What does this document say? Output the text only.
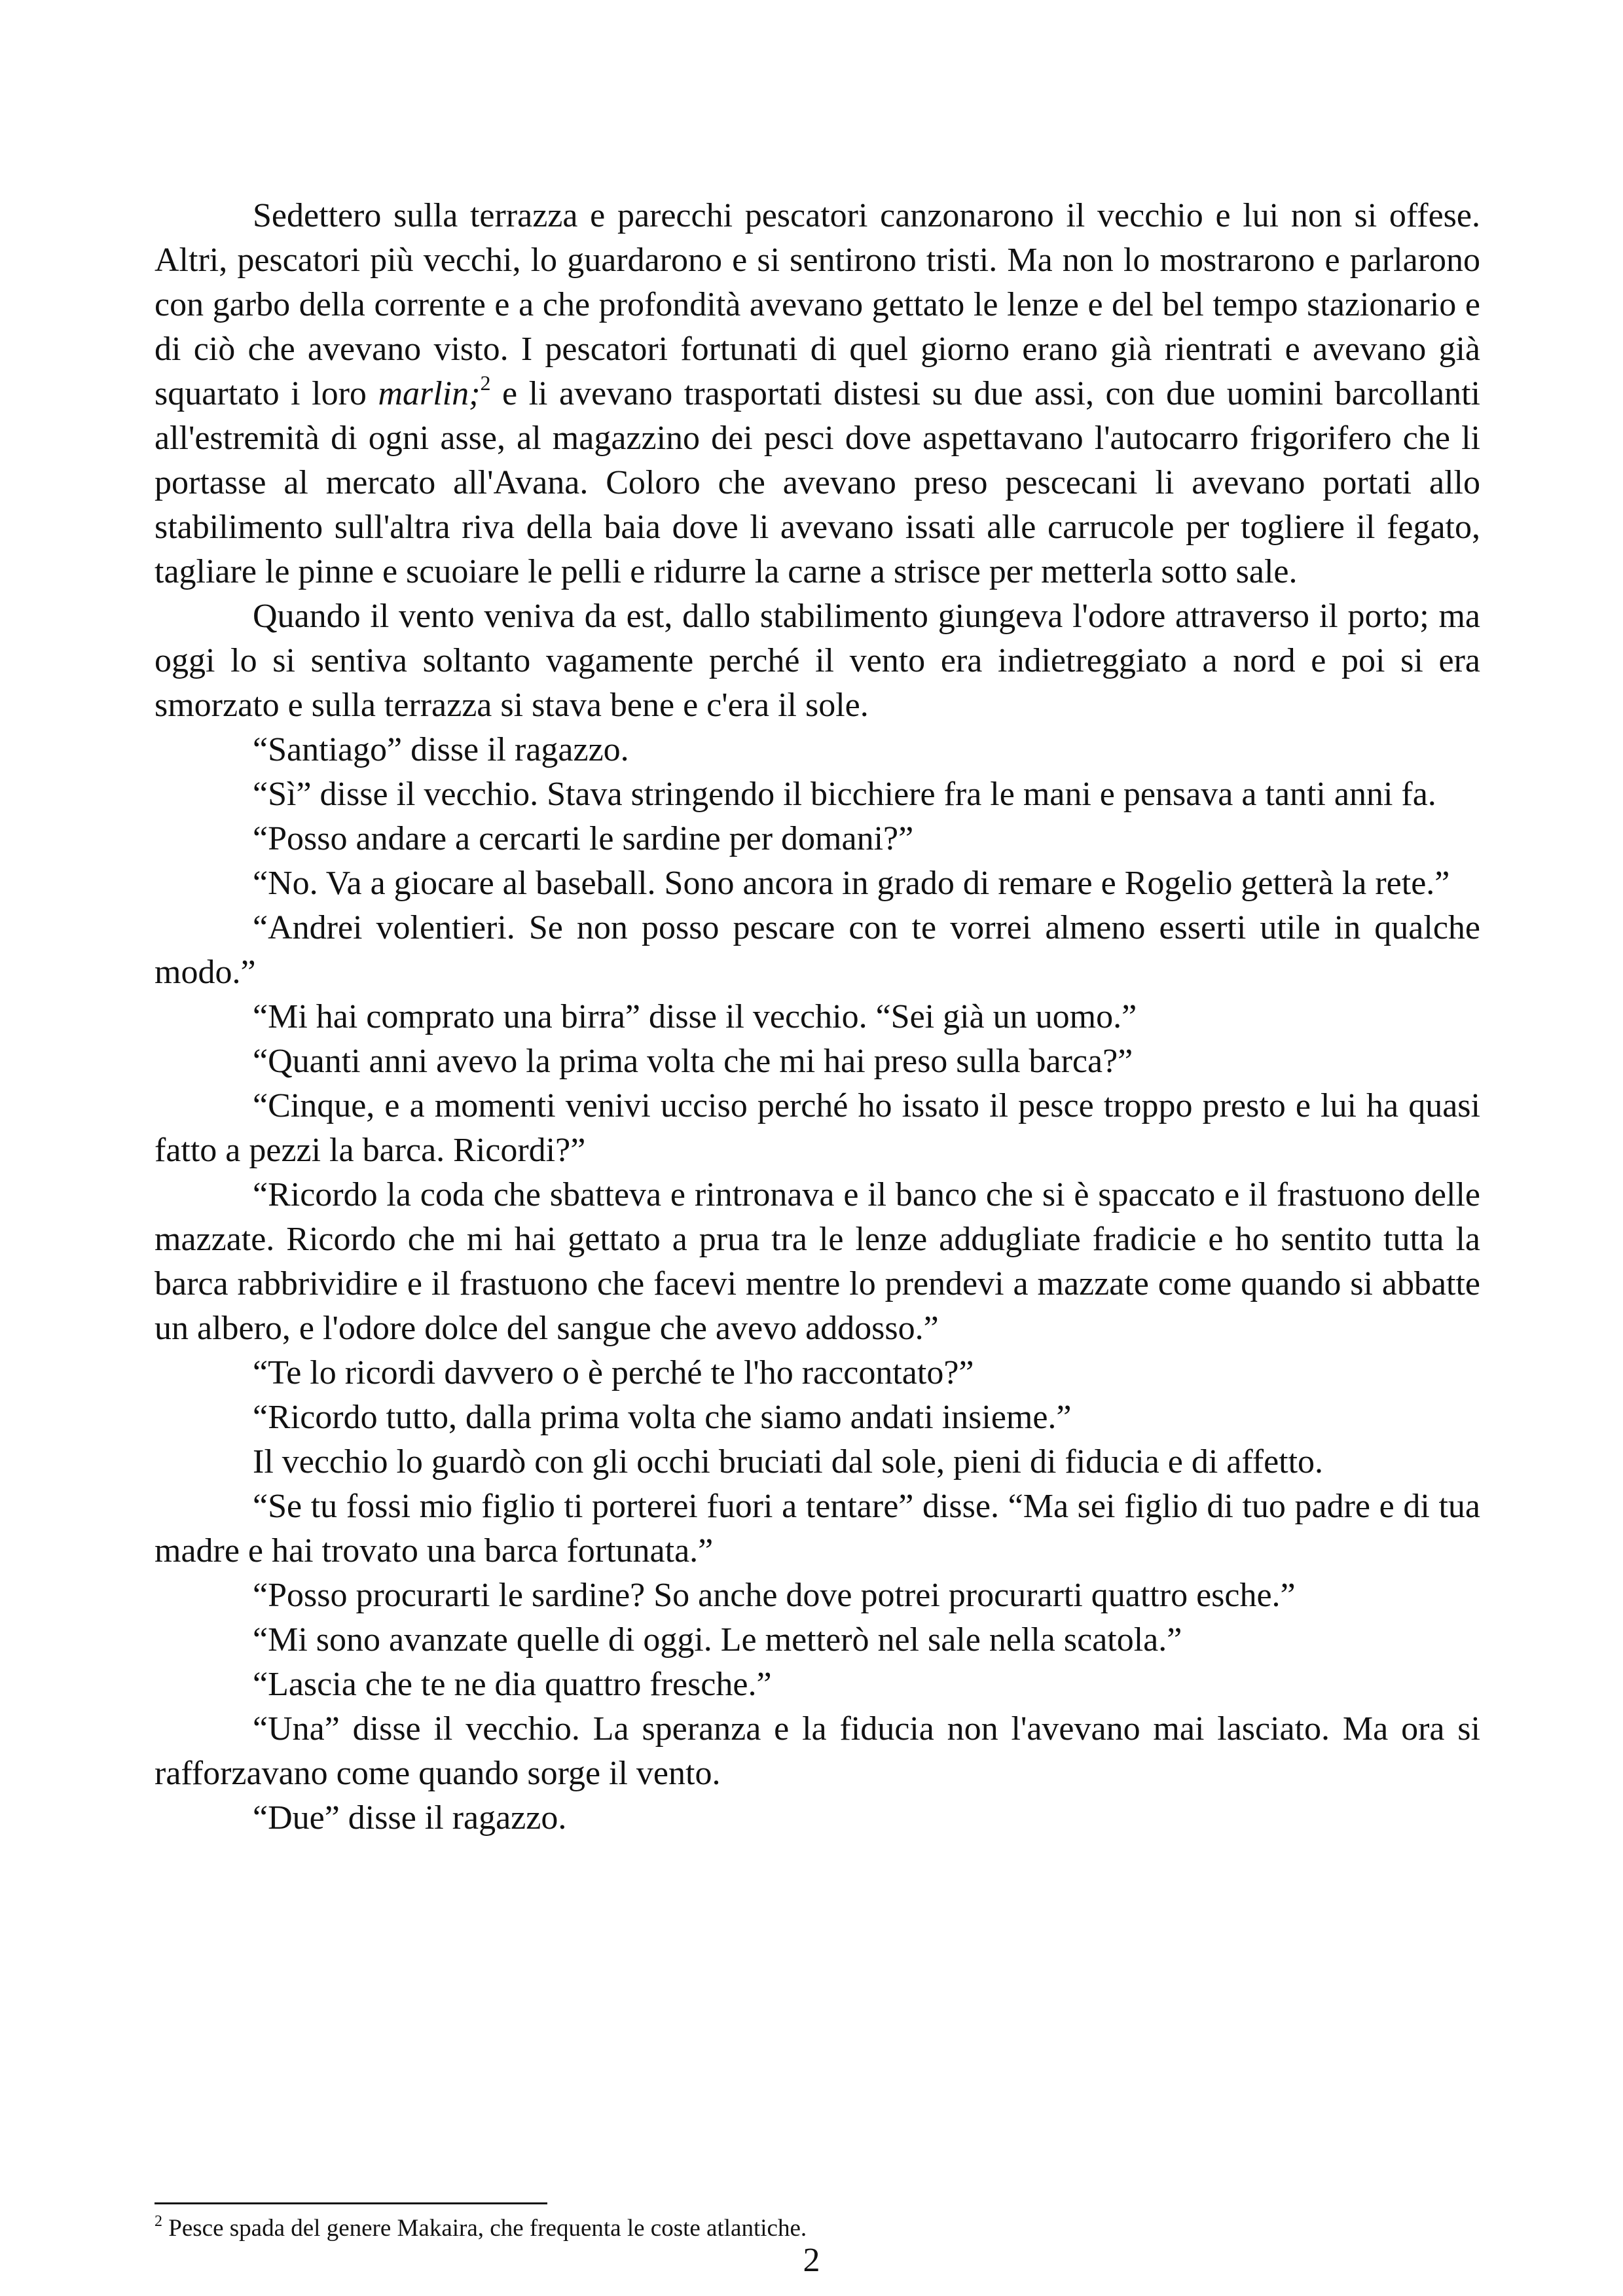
Sedettero sulla terrazza e parecchi pescatori canzonarono il vecchio e lui non si offese. Altri, pescatori più vecchi, lo guardarono e si sentirono tristi. Ma non lo mostrarono e parlarono con garbo della corrente e a che profondità avevano gettato le lenze e del bel tempo stazionario e di ciò che avevano visto. I pescatori fortunati di quel giorno erano già rientrati e avevano già squartato i loro marlin;$^2$ e li avevano trasportati distesi su due assi, con due uomini barcollanti all'estremità di ogni asse, al magazzino dei pesci dove aspettavano l'autocarro frigorifero che li portasse al mercato all'Avana. Coloro che avevano preso pescecani li avevano portati allo stabilimento sull'altra riva della baia dove li avevano issati alle carrucole per togliere il fegato, tagliare le pinne e scuoiare le pelli e ridurre la carne a strisce per metterla sotto sale.

Quando il vento veniva da est, dallo stabilimento giungeva l'odore attraverso il porto; ma oggi lo si sentiva soltanto vagamente perché il vento era indietreggiato a nord e poi si era smorzato e sulla terrazza si stava bene e c'era il sole.

“Santiago” disse il ragazzo.

“Sì” disse il vecchio. Stava stringendo il bicchiere fra le mani e pensava a tanti anni fa.

“Posso andare a cercarti le sardine per domani?”

“No. Va a giocare al baseball. Sono ancora in grado di remare e Rogelio getterà la rete.”

“Andrei volentieri. Se non posso pescare con te vorrei almeno esserti utile in qualche modo.”

“Mi hai comprato una birra” disse il vecchio. “Sei già un uomo.”

“Quanti anni avevo la prima volta che mi hai preso sulla barca?”

“Cinque, e a momenti venivi ucciso perché ho issato il pesce troppo presto e lui ha quasi fatto a pezzi la barca. Ricordi?”

“Ricordo la coda che sbatteva e rintronava e il banco che si è spaccato e il frastuono delle mazzate. Ricordo che mi hai gettato a prua tra le lenze addugliate fradicie e ho sentito tutta la barca rabbrividire e il frastuono che facevi mentre lo prendevi a mazzate come quando si abbatte un albero, e l'odore dolce del sangue che avevo addosso.”

“Te lo ricordi davvero o è perché te l'ho raccontato?”

“Ricordo tutto, dalla prima volta che siamo andati insieme.”

Il vecchio lo guardò con gli occhi bruciati dal sole, pieni di fiducia e di affetto.

“Se tu fossi mio figlio ti porterei fuori a tentare” disse. “Ma sei figlio di tuo padre e di tua madre e hai trovato una barca fortunata.”

“Posso procurarti le sardine? So anche dove potrei procurarti quattro esche.”

“Mi sono avanzate quelle di oggi. Le metterò nel sale nella scatola.”

“Lascia che te ne dia quattro fresche.”

“Una” disse il vecchio. La speranza e la fiducia non l'avevano mai lasciato. Ma ora si rafforzavano come quando sorge il vento.

“Due” disse il ragazzo.

$^2$ Pesce spada del genere Makaira, che frequenta le coste atlantiche.
2
